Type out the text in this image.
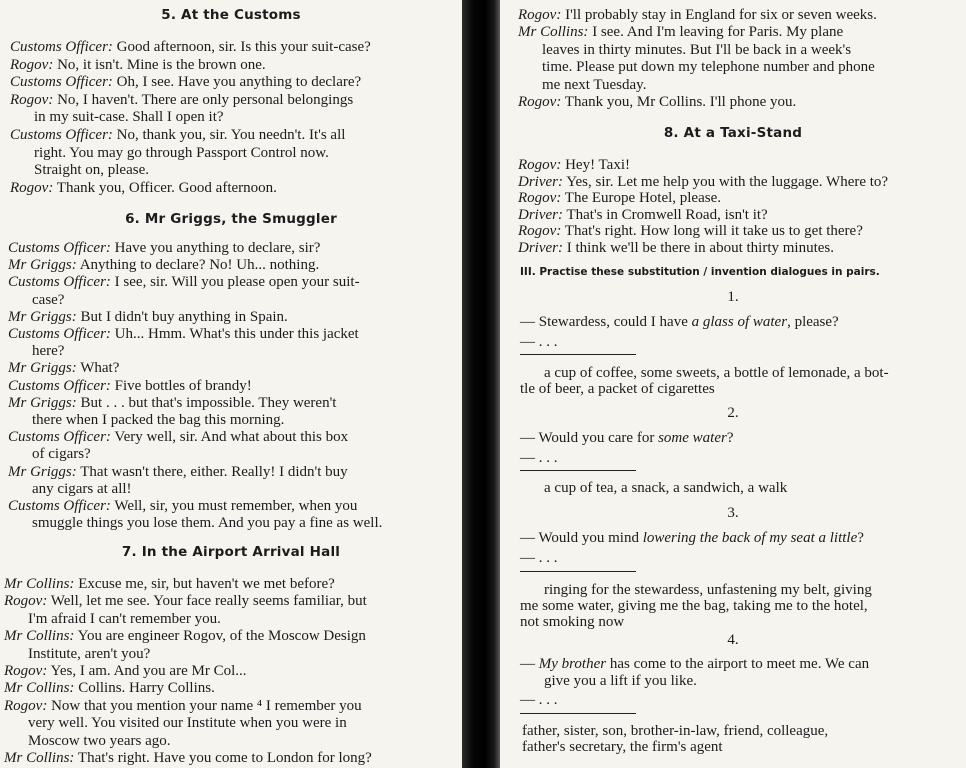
5. At the Customs
Customs Officer: Good afternoon, sir. Is this your suit-case?
Rogov: No, it isn't. Mine is the brown one.
Customs Officer: Oh, I see. Have you anything to declare?
Rogov: No, I haven't. There are only personal belongings
in my suit-case. Shall I open it?
Customs Officer: No, thank you, sir. You needn't. It's all
right. You may go through Passport Control now.
Straight on, please.
Rogov: Thank you, Officer. Good afternoon.
6. Mr Griggs, the Smuggler
Customs Officer: Have you anything to declare, sir?
Mr Griggs: Anything to declare? No! Uh... nothing.
Customs Officer: I see, sir. Will you please open your suit-
case?
Mr Griggs: But I didn't buy anything in Spain.
Customs Officer: Uh... Hmm. What's this under this jacket
here?
Mr Griggs: What?
Customs Officer: Five bottles of brandy!
Mr Griggs: But . . . but that's impossible. They weren't
there when I packed the bag this morning.
Customs Officer: Very well, sir. And what about this box
of cigars?
Mr Griggs: That wasn't there, either. Really! I didn't buy
any cigars at all!
Customs Officer: Well, sir, you must remember, when you
smuggle things you lose them. And you pay a fine as well.
7. In the Airport Arrival Hall
Mr Collins: Excuse me, sir, but haven't we met before?
Rogov: Well, let me see. Your face really seems familiar, but
I'm afraid I can't remember you.
Mr Collins: You are engineer Rogov, of the Moscow Design
Institute, aren't you?
Rogov: Yes, I am. And you are Mr Col...
Mr Collins: Collins. Harry Collins.
Rogov: Now that you mention your name ⁴ I remember you
very well. You visited our Institute when you were in
Moscow two years ago.
Mr Collins: That's right. Have you come to London for long?
Rogov: I'll probably stay in England for six or seven weeks.
Mr Collins: I see. And I'm leaving for Paris. My plane
leaves in thirty minutes. But I'll be back in a week's
time. Please put down my telephone number and phone
me next Tuesday.
Rogov: Thank you, Mr Collins. I'll phone you.
8. At a Taxi-Stand
Rogov: Hey! Taxi!
Driver: Yes, sir. Let me help you with the luggage. Where to?
Rogov: The Europe Hotel, please.
Driver: That's in Cromwell Road, isn't it?
Rogov: That's right. How long will it take us to get there?
Driver: I think we'll be there in about thirty minutes.
III. Practise these substitution / invention dialogues in pairs.
1.
— Stewardess, could I have a glass of water, please?
— . . .
a cup of coffee, some sweets, a bottle of lemonade, a bot-
tle of beer, a packet of cigarettes
2.
— Would you care for some water?
— . . .
a cup of tea, a snack, a sandwich, a walk
3.
— Would you mind lowering the back of my seat a little?
— . . .
ringing for the stewardess, unfastening my belt, giving
me some water, giving me the bag, taking me to the hotel,
not smoking now
4.
— My brother has come to the airport to meet me. We can
give you a lift if you like.
— . . .
father, sister, son, brother-in-law, friend, colleague,
father's secretary, the firm's agent
